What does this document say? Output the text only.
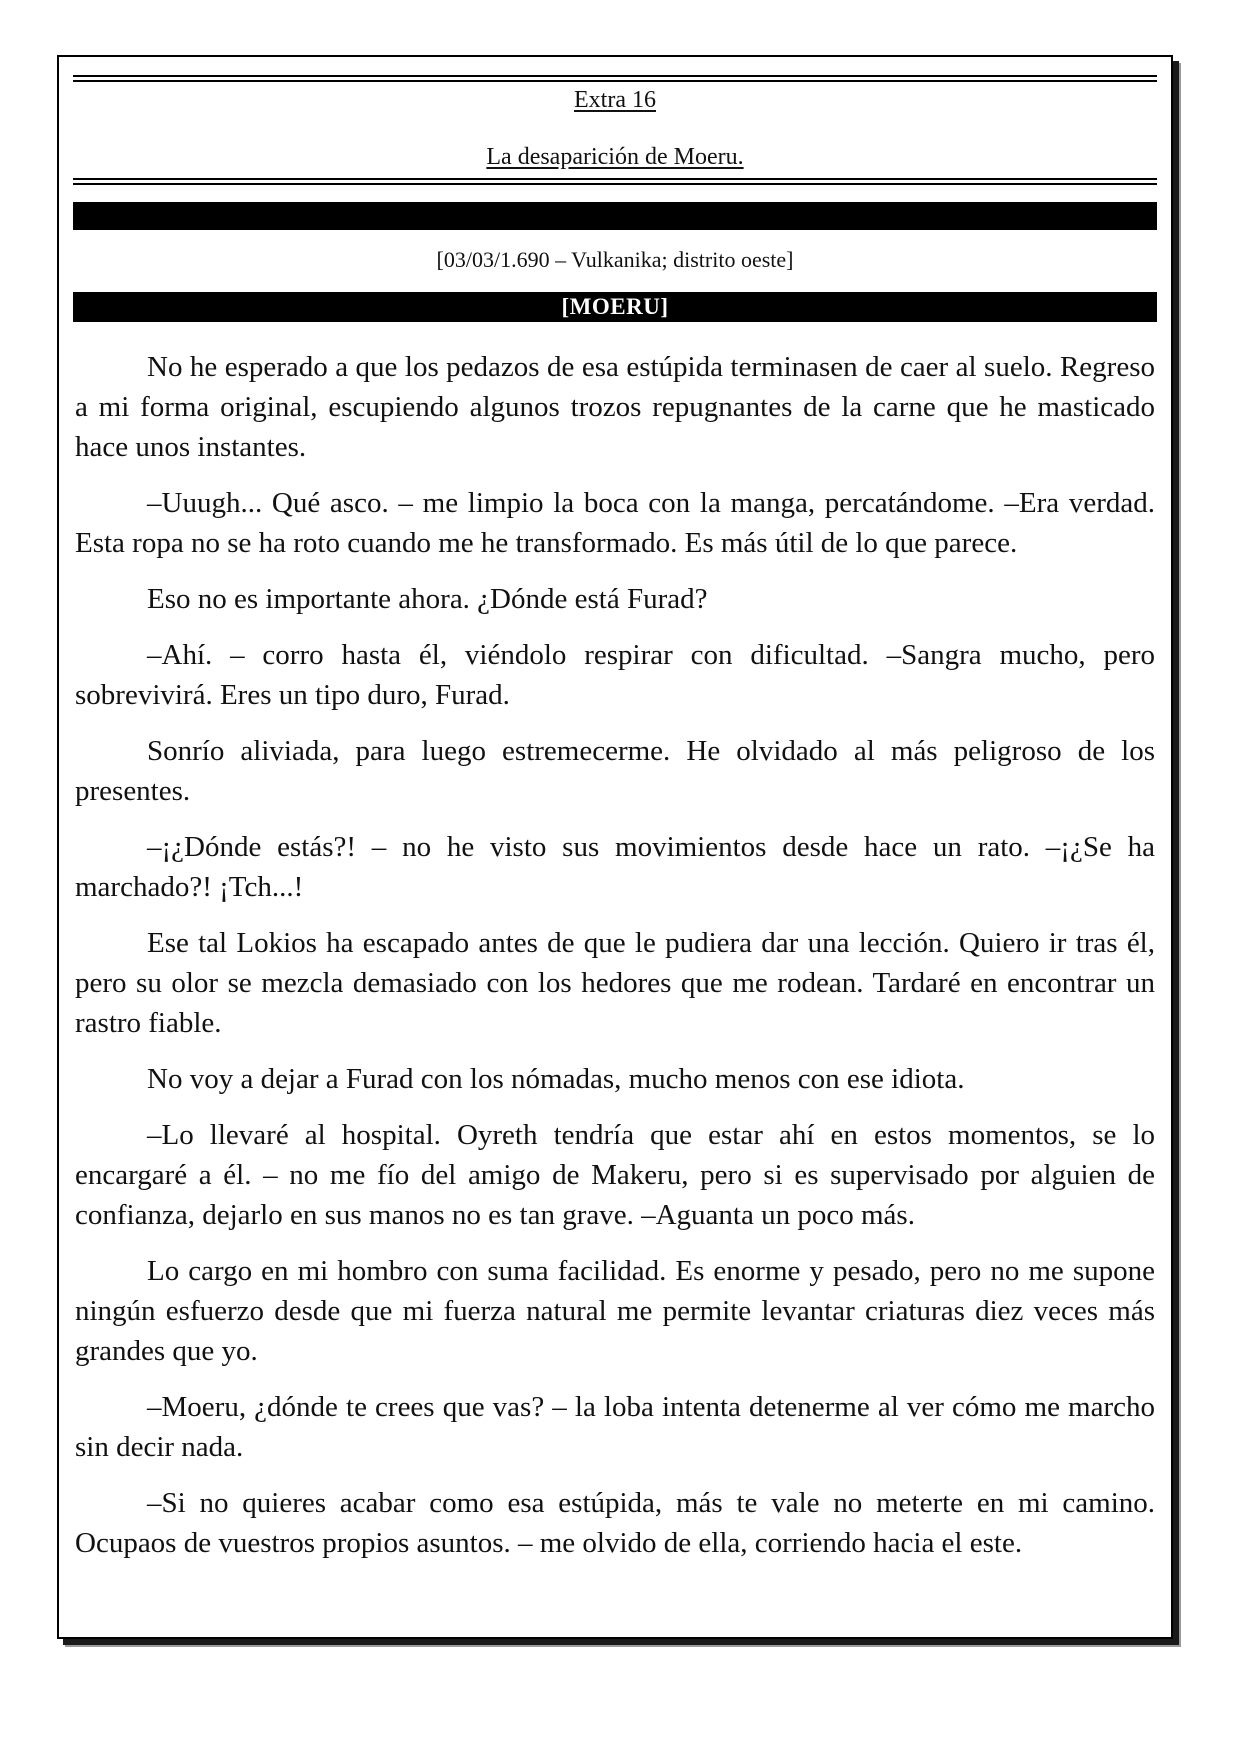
Extra 16
La desaparición de Moeru.
[03/03/1.690 – Vulkanika; distrito oeste]
[MOERU]

No he esperado a que los pedazos de esa estúpida terminasen de caer al suelo. Regreso a mi forma original, escupiendo algunos trozos repugnantes de la carne que he masticado hace unos instantes.

–Uuugh... Qué asco. – me limpio la boca con la manga, percatándome. –Era verdad. Esta ropa no se ha roto cuando me he transformado. Es más útil de lo que parece.

Eso no es importante ahora. ¿Dónde está Furad?

–Ahí. – corro hasta él, viéndolo respirar con dificultad. –Sangra mucho, pero sobrevivirá. Eres un tipo duro, Furad.

Sonrío aliviada, para luego estremecerme. He olvidado al más peligroso de los presentes.

–¡¿Dónde estás?! – no he visto sus movimientos desde hace un rato. –¡¿Se ha marchado?! ¡Tch...!

Ese tal Lokios ha escapado antes de que le pudiera dar una lección. Quiero ir tras él, pero su olor se mezcla demasiado con los hedores que me rodean. Tardaré en encontrar un rastro fiable.

No voy a dejar a Furad con los nómadas, mucho menos con ese idiota.

–Lo llevaré al hospital. Oyreth tendría que estar ahí en estos momentos, se lo encargaré a él. – no me fío del amigo de Makeru, pero si es supervisado por alguien de confianza, dejarlo en sus manos no es tan grave. –Aguanta un poco más.

Lo cargo en mi hombro con suma facilidad. Es enorme y pesado, pero no me supone ningún esfuerzo desde que mi fuerza natural me permite levantar criaturas diez veces más grandes que yo.

–Moeru, ¿dónde te crees que vas? – la loba intenta detenerme al ver cómo me marcho sin decir nada.

–Si no quieres acabar como esa estúpida, más te vale no meterte en mi camino. Ocupaos de vuestros propios asuntos. – me olvido de ella, corriendo hacia el este.
